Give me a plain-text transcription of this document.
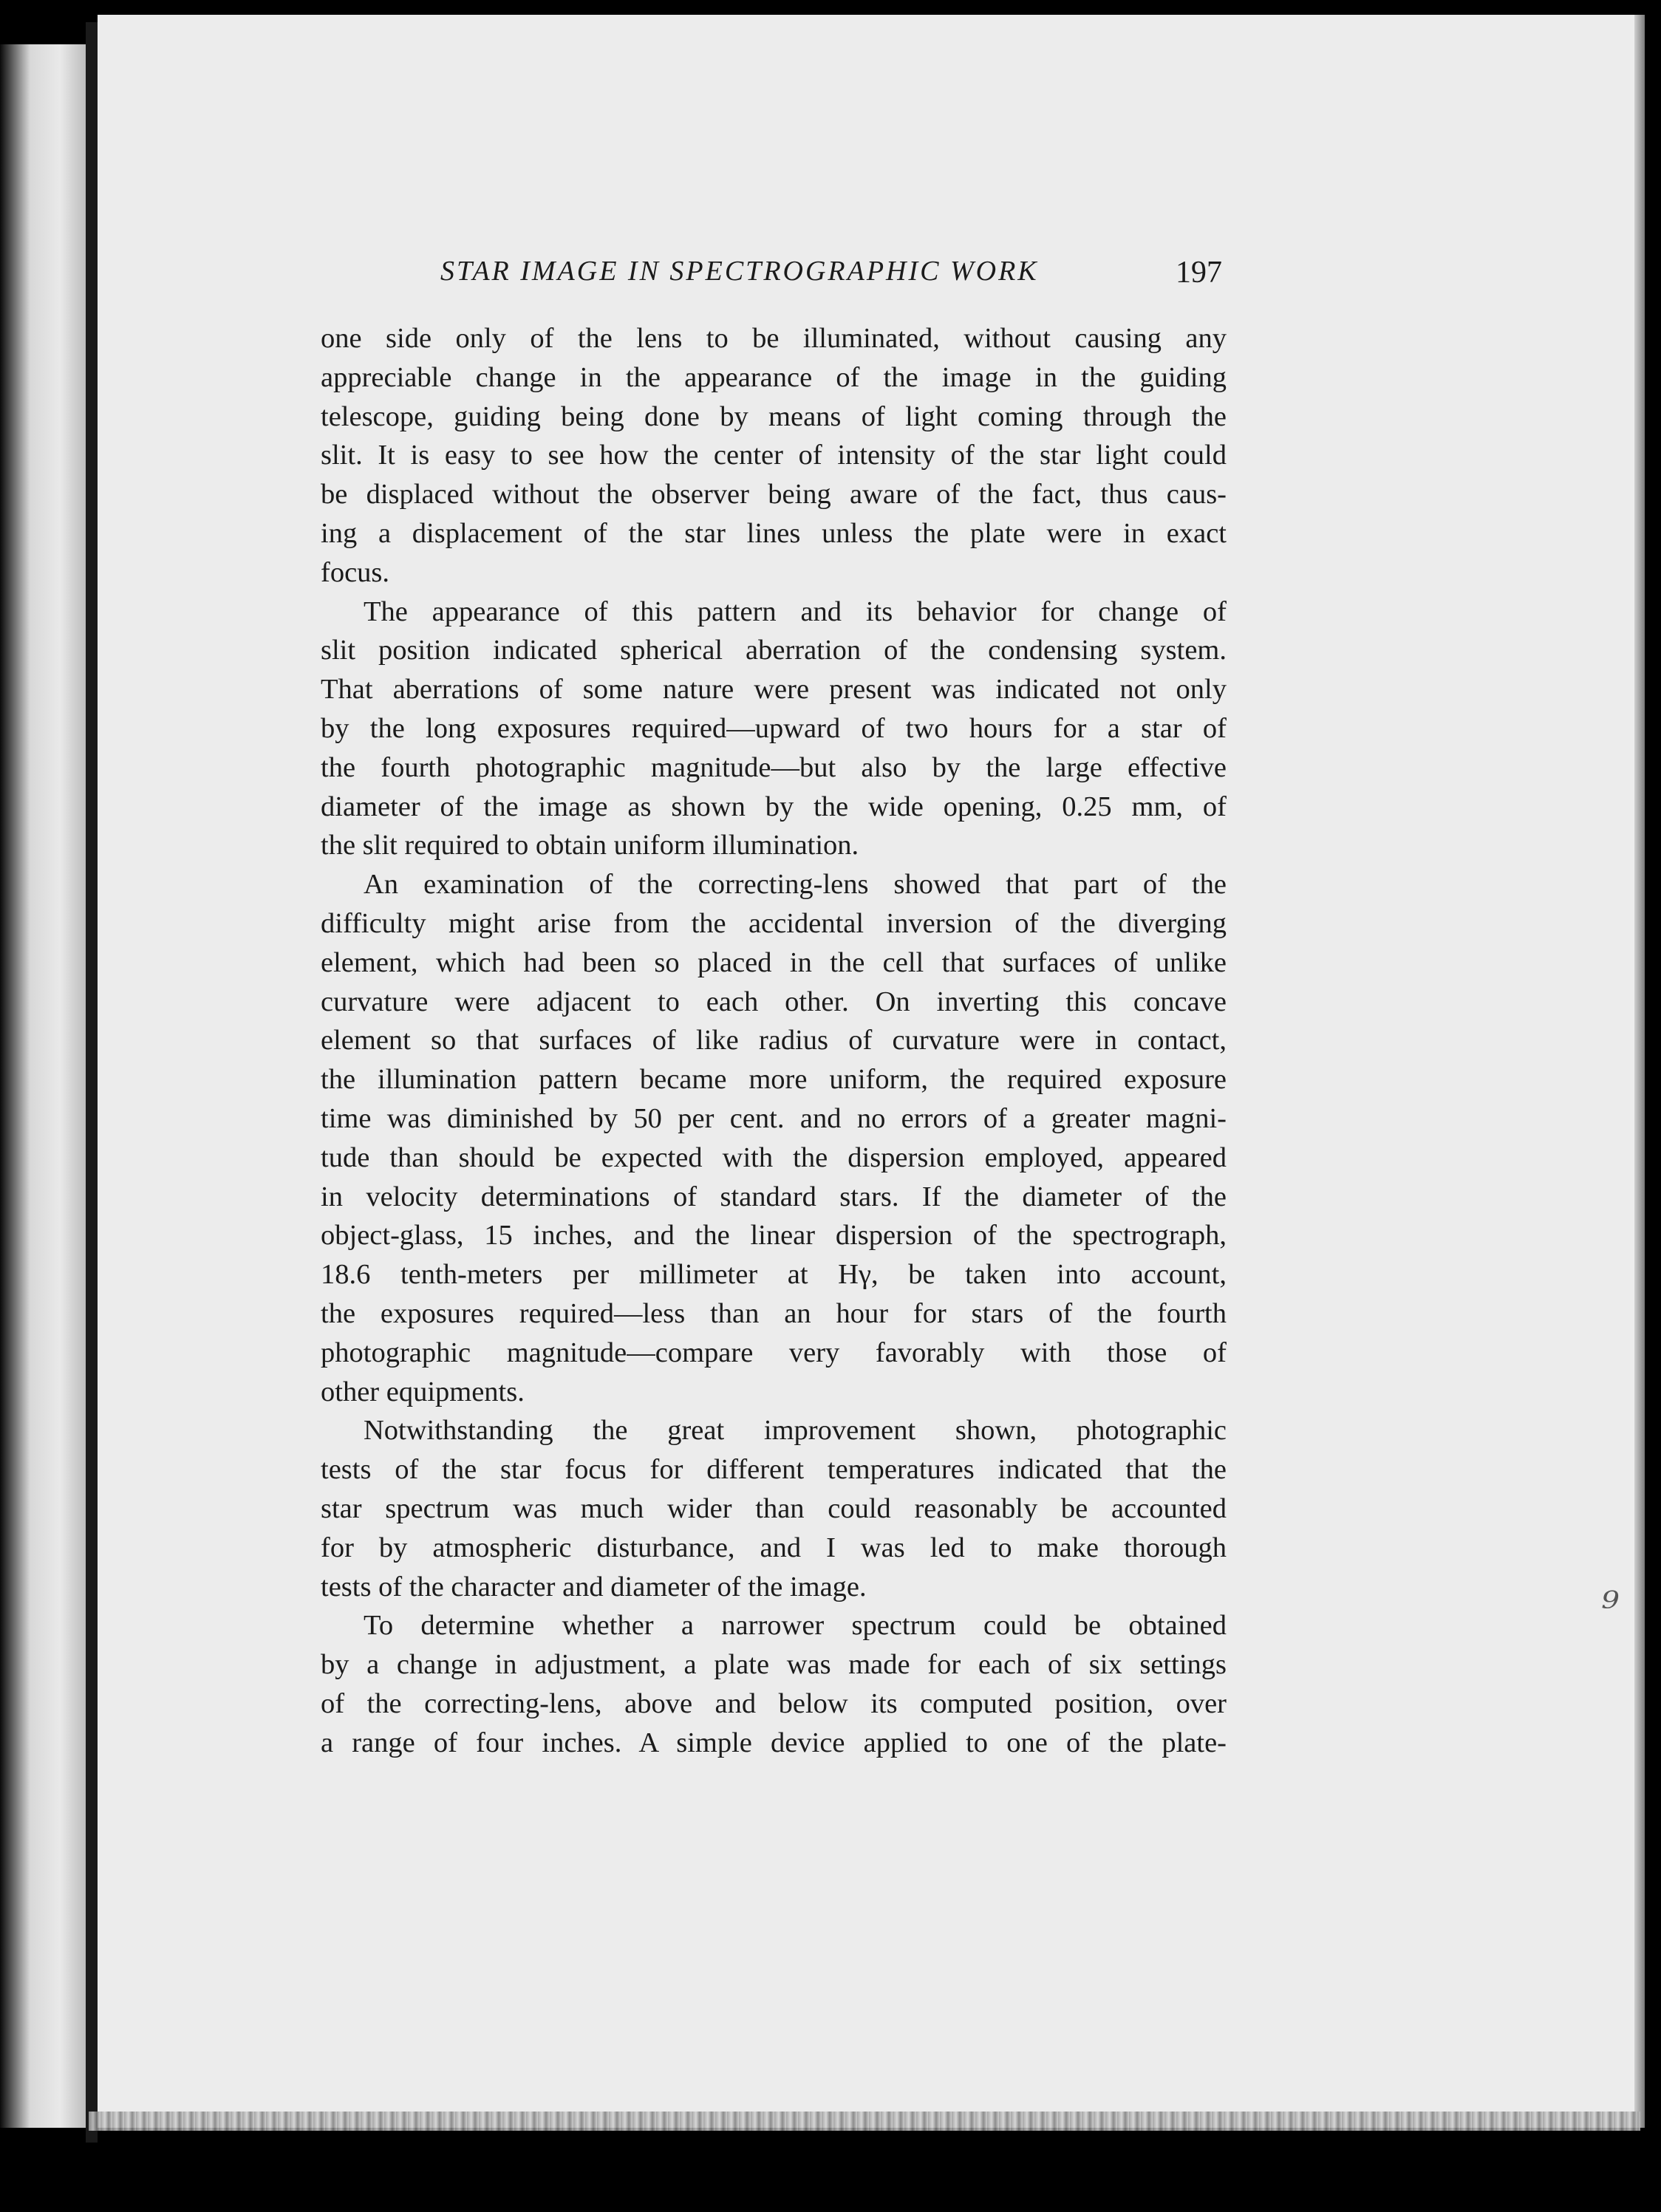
⁹
STAR IMAGE IN SPECTROGRAPHIC WORK	197
one side only of the lens to be illuminated, without causing any
appreciable change in the appearance of the image in the guiding
telescope, guiding being done by means of light coming through the
slit. It is easy to see how the center of intensity of the star light could
be displaced without the observer being aware of the fact, thus caus-
ing a displacement of the star lines unless the plate were in exact
focus.
The appearance of this pattern and its behavior for change of
slit position indicated spherical aberration of the condensing system.
That aberrations of some nature were present was indicated not only
by the long exposures required—upward of two hours for a star of
the fourth photographic magnitude—but also by the large effective
diameter of the image as shown by the wide opening, 0.25 mm, of
the slit required to obtain uniform illumination.
An examination of the correcting-lens showed that part of the
difficulty might arise from the accidental inversion of the diverging
element, which had been so placed in the cell that surfaces of unlike
curvature were adjacent to each other. On inverting this concave
element so that surfaces of like radius of curvature were in contact,
the illumination pattern became more uniform, the required exposure
time was diminished by 50 per cent. and no errors of a greater magni-
tude than should be expected with the dispersion employed, appeared
in velocity determinations of standard stars. If the diameter of the
object-glass, 15 inches, and the linear dispersion of the spectrograph,
18.6 tenth-meters per millimeter at Hγ, be taken into account,
the exposures required—less than an hour for stars of the fourth
photographic magnitude—compare very favorably with those of
other equipments.
Notwithstanding the great improvement shown, photographic
tests of the star focus for different temperatures indicated that the
star spectrum was much wider than could reasonably be accounted
for by atmospheric disturbance, and I was led to make thorough
tests of the character and diameter of the image.
To determine whether a narrower spectrum could be obtained
by a change in adjustment, a plate was made for each of six settings
of the correcting-lens, above and below its computed position, over
a range of four inches. A simple device applied to one of the plate-
